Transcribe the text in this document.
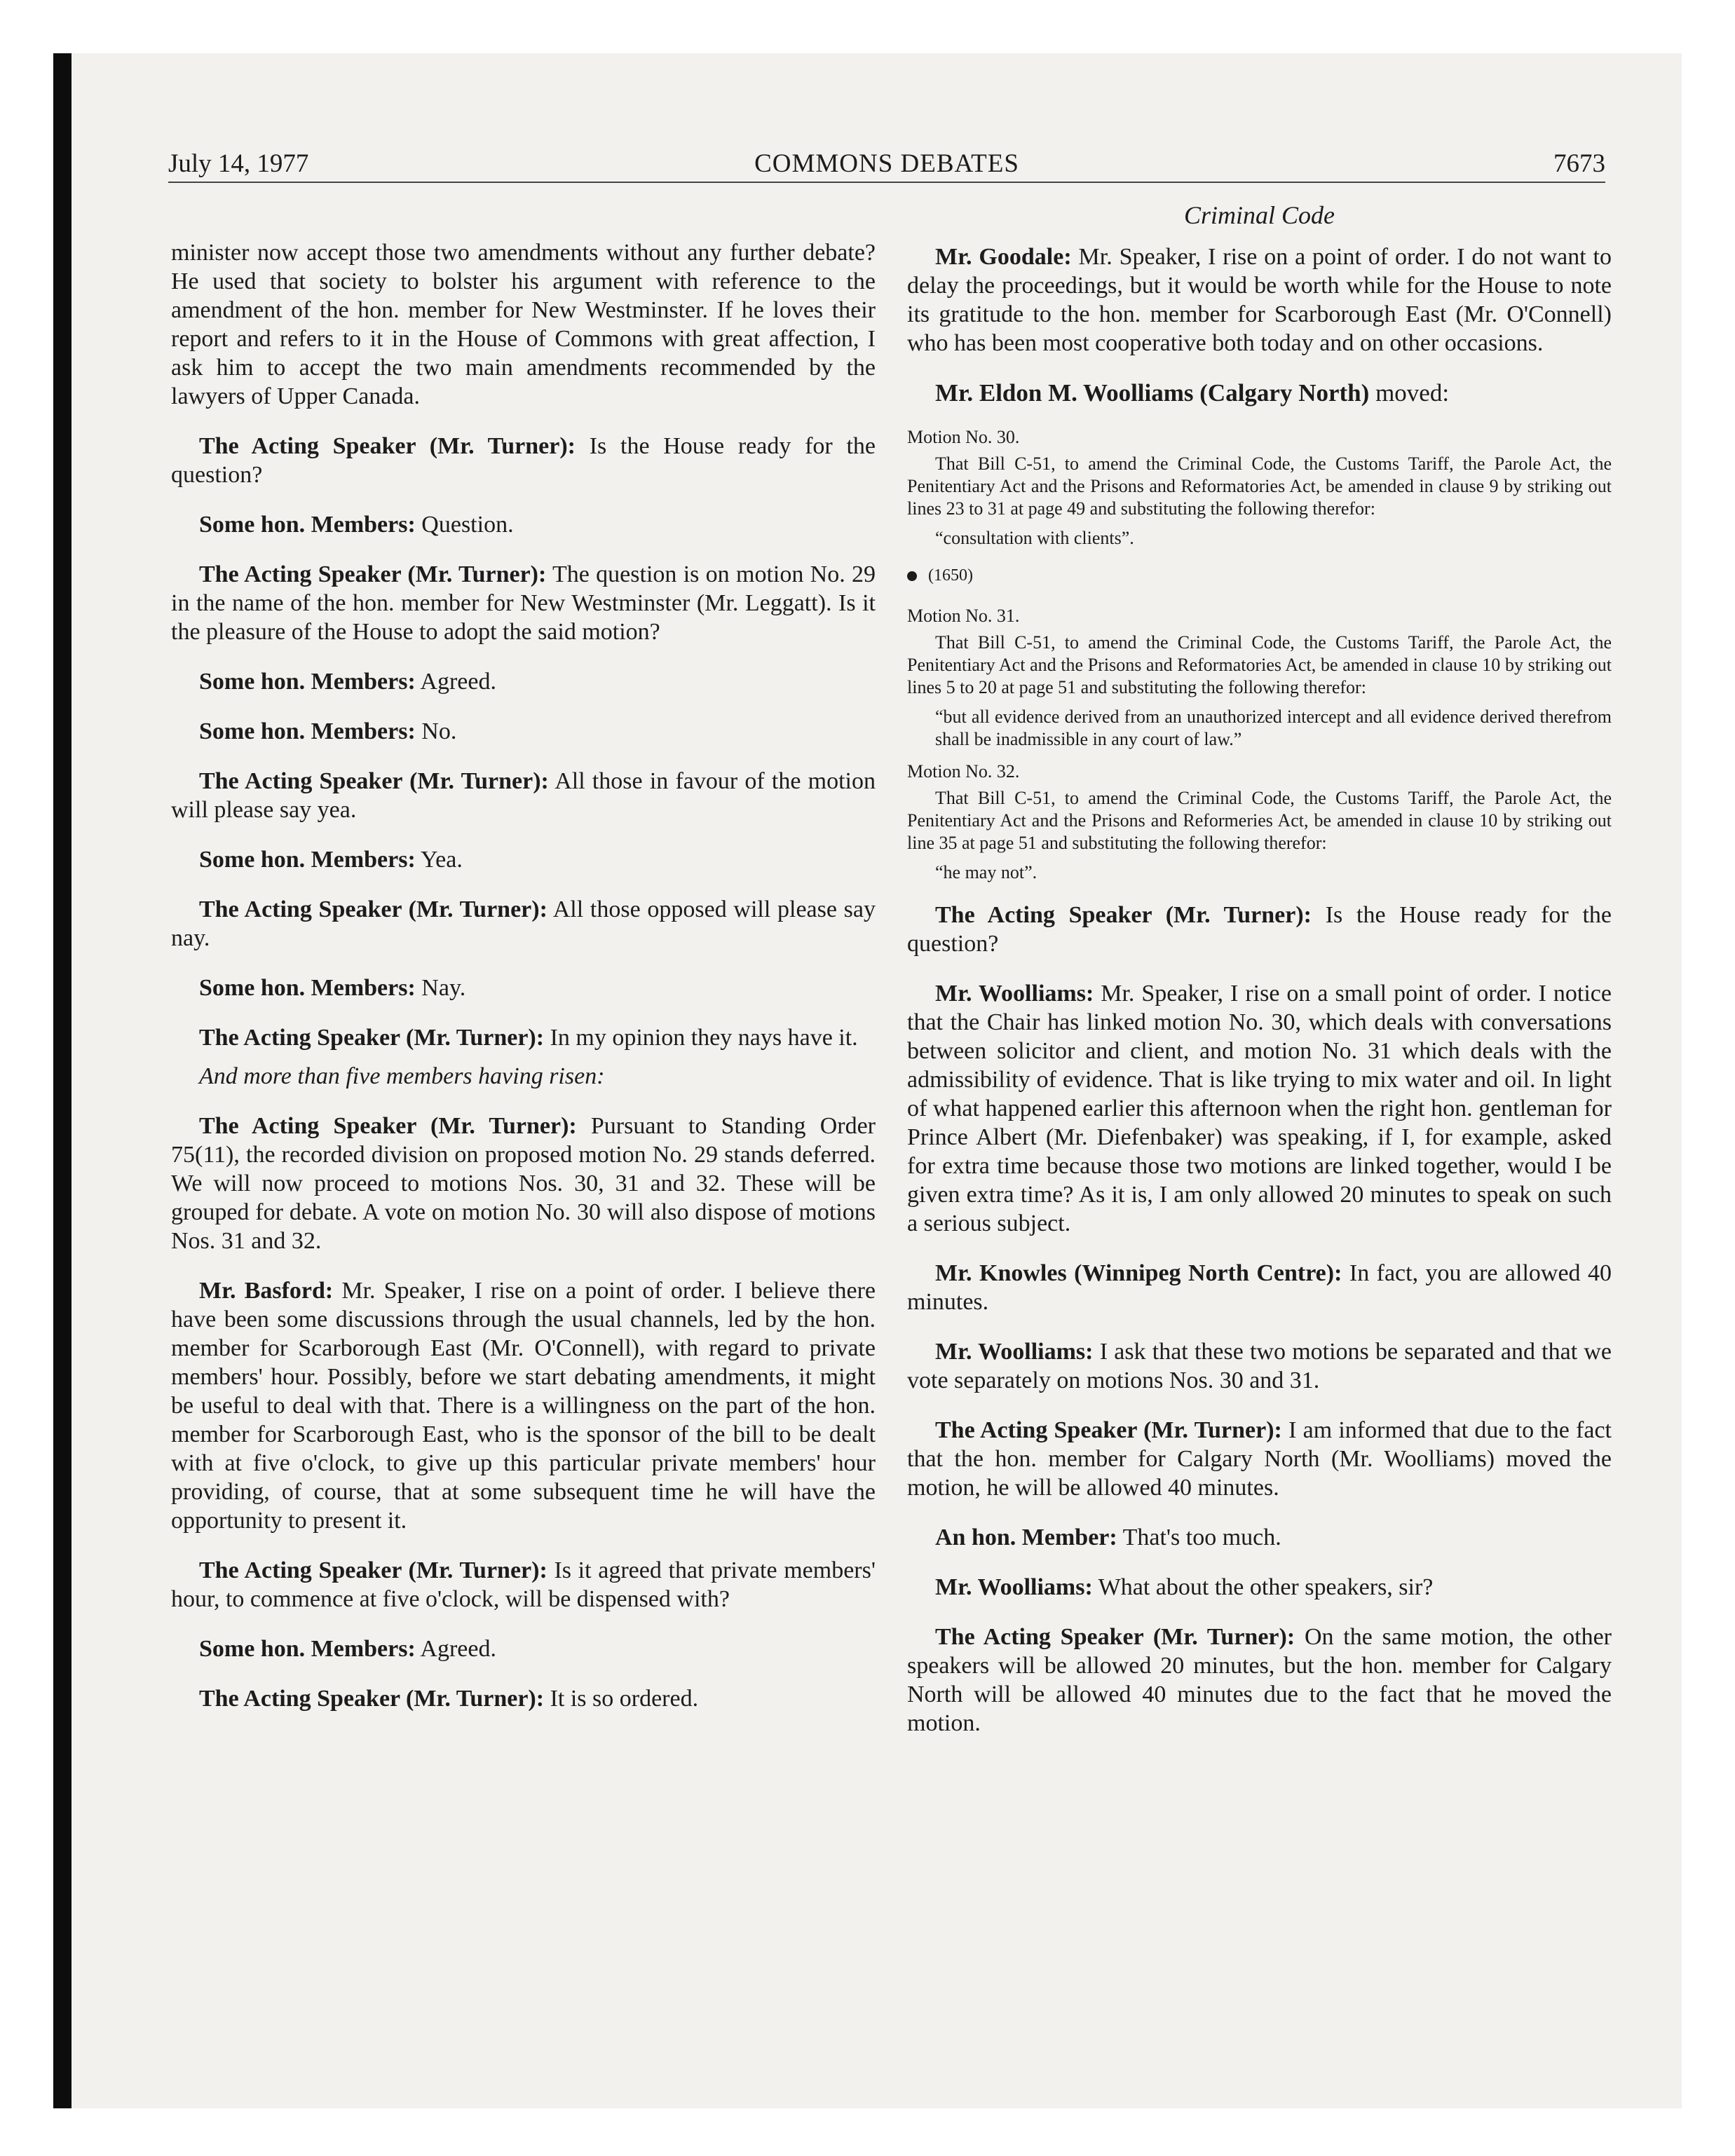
July 14, 1977	COMMONS DEBATES	7673

minister now accept those two amendments without any further debate? He used that society to bolster his argument with reference to the amendment of the hon. member for New Westminster. If he loves their report and refers to it in the House of Commons with great affection, I ask him to accept the two main amendments recommended by the lawyers of Upper Canada.

The Acting Speaker (Mr. Turner): Is the House ready for the question?

Some hon. Members: Question.

The Acting Speaker (Mr. Turner): The question is on motion No. 29 in the name of the hon. member for New Westminster (Mr. Leggatt). Is it the pleasure of the House to adopt the said motion?

Some hon. Members: Agreed.

Some hon. Members: No.

The Acting Speaker (Mr. Turner): All those in favour of the motion will please say yea.

Some hon. Members: Yea.

The Acting Speaker (Mr. Turner): All those opposed will please say nay.

Some hon. Members: Nay.

The Acting Speaker (Mr. Turner): In my opinion they nays have it.

And more than five members having risen:

The Acting Speaker (Mr. Turner): Pursuant to Standing Order 75(11), the recorded division on proposed motion No. 29 stands deferred. We will now proceed to motions Nos. 30, 31 and 32. These will be grouped for debate. A vote on motion No. 30 will also dispose of motions Nos. 31 and 32.

Mr. Basford: Mr. Speaker, I rise on a point of order. I believe there have been some discussions through the usual channels, led by the hon. member for Scarborough East (Mr. O'Connell), with regard to private members' hour. Possibly, before we start debating amendments, it might be useful to deal with that. There is a willingness on the part of the hon. member for Scarborough East, who is the sponsor of the bill to be dealt with at five o'clock, to give up this particular private members' hour providing, of course, that at some subsequent time he will have the opportunity to present it.

The Acting Speaker (Mr. Turner): Is it agreed that private members' hour, to commence at five o'clock, will be dispensed with?

Some hon. Members: Agreed.

The Acting Speaker (Mr. Turner): It is so ordered.

Criminal Code

Mr. Goodale: Mr. Speaker, I rise on a point of order. I do not want to delay the proceedings, but it would be worth while for the House to note its gratitude to the hon. member for Scarborough East (Mr. O'Connell) who has been most cooperative both today and on other occasions.

Mr. Eldon M. Woolliams (Calgary North) moved:

Motion No. 30.
That Bill C-51, to amend the Criminal Code, the Customs Tariff, the Parole Act, the Penitentiary Act and the Prisons and Reformatories Act, be amended in clause 9 by striking out lines 23 to 31 at page 49 and substituting the following therefor:
“consultation with clients”.
(1650)
Motion No. 31.
That Bill C-51, to amend the Criminal Code, the Customs Tariff, the Parole Act, the Penitentiary Act and the Prisons and Reformatories Act, be amended in clause 10 by striking out lines 5 to 20 at page 51 and substituting the following therefor:
“but all evidence derived from an unauthorized intercept and all evidence derived therefrom shall be inadmissible in any court of law.”
Motion No. 32.
That Bill C-51, to amend the Criminal Code, the Customs Tariff, the Parole Act, the Penitentiary Act and the Prisons and Reformeries Act, be amended in clause 10 by striking out line 35 at page 51 and substituting the following therefor:
“he may not”.

The Acting Speaker (Mr. Turner): Is the House ready for the question?

Mr. Woolliams: Mr. Speaker, I rise on a small point of order. I notice that the Chair has linked motion No. 30, which deals with conversations between solicitor and client, and motion No. 31 which deals with the admissibility of evidence. That is like trying to mix water and oil. In light of what happened earlier this afternoon when the right hon. gentleman for Prince Albert (Mr. Diefenbaker) was speaking, if I, for example, asked for extra time because those two motions are linked together, would I be given extra time? As it is, I am only allowed 20 minutes to speak on such a serious subject.

Mr. Knowles (Winnipeg North Centre): In fact, you are allowed 40 minutes.

Mr. Woolliams: I ask that these two motions be separated and that we vote separately on motions Nos. 30 and 31.

The Acting Speaker (Mr. Turner): I am informed that due to the fact that the hon. member for Calgary North (Mr. Woolliams) moved the motion, he will be allowed 40 minutes.

An hon. Member: That's too much.

Mr. Woolliams: What about the other speakers, sir?

The Acting Speaker (Mr. Turner): On the same motion, the other speakers will be allowed 20 minutes, but the hon. member for Calgary North will be allowed 40 minutes due to the fact that he moved the motion.
